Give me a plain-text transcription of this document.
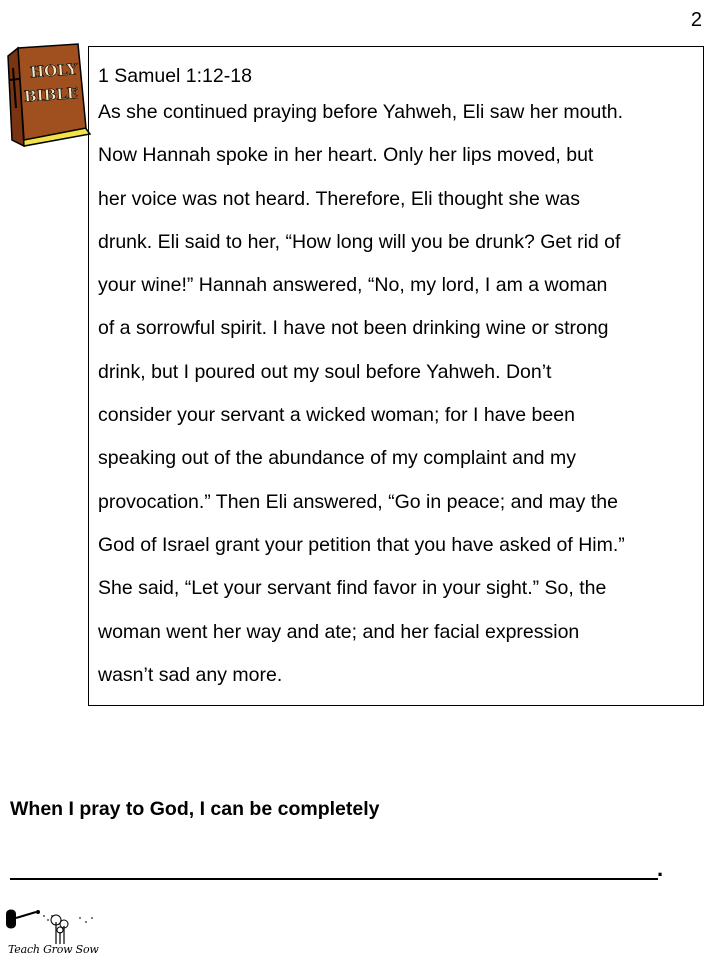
2
HOLY
BIBLE

1 Samuel 1:12-18

As she continued praying before Yahweh, Eli saw her mouth.
Now Hannah spoke in her heart. Only her lips moved, but
her voice was not heard. Therefore, Eli thought she was
drunk. Eli said to her, “How long will you be drunk? Get rid of
your wine!” Hannah answered, “No, my lord, I am a woman
of a sorrowful spirit. I have not been drinking wine or strong
drink, but I poured out my soul before Yahweh. Don’t
consider your servant a wicked woman; for I have been
speaking out of the abundance of my complaint and my
provocation.” Then Eli answered, “Go in peace; and may the
God of Israel grant your petition that you have asked of Him.”
She said, “Let your servant find favor in your sight.” So, the
woman went her way and ate; and her facial expression
wasn’t sad any more.

When I pray to God, I can be completely
.
Teach Grow Sow
